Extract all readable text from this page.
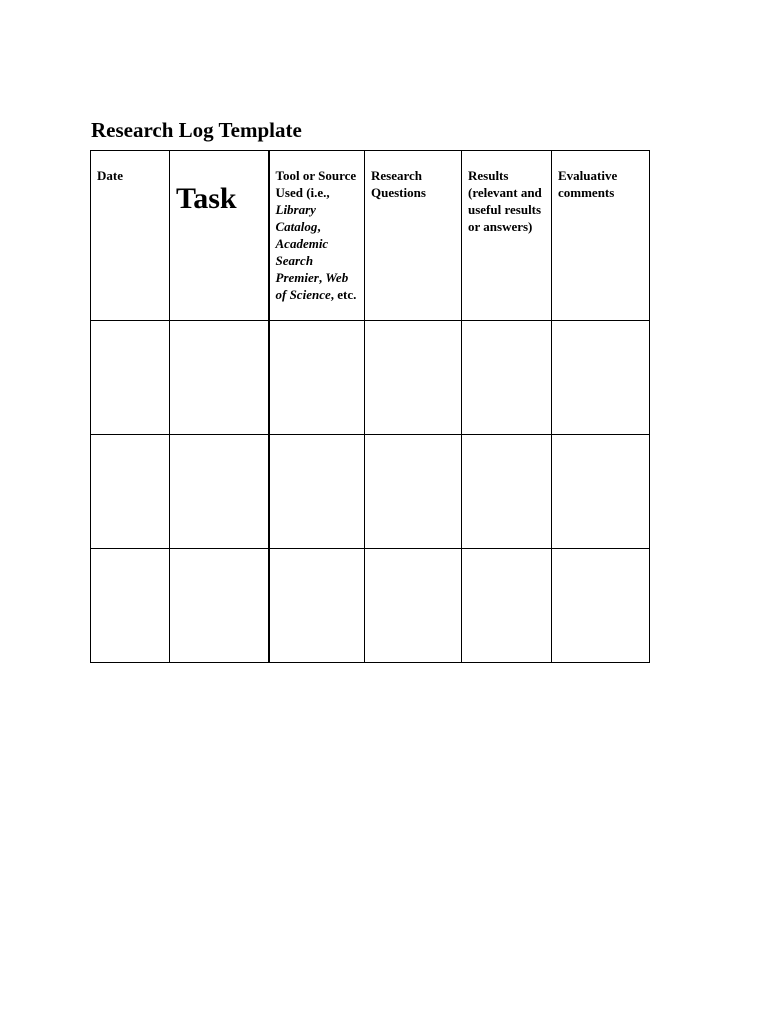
Research Log Template
Date	Task	Tool or Source Used (i.e., Library Catalog, Academic Search Premier, Web of Science, etc.	Research Questions	Results (relevant and useful results or answers)	Evaluative comments
